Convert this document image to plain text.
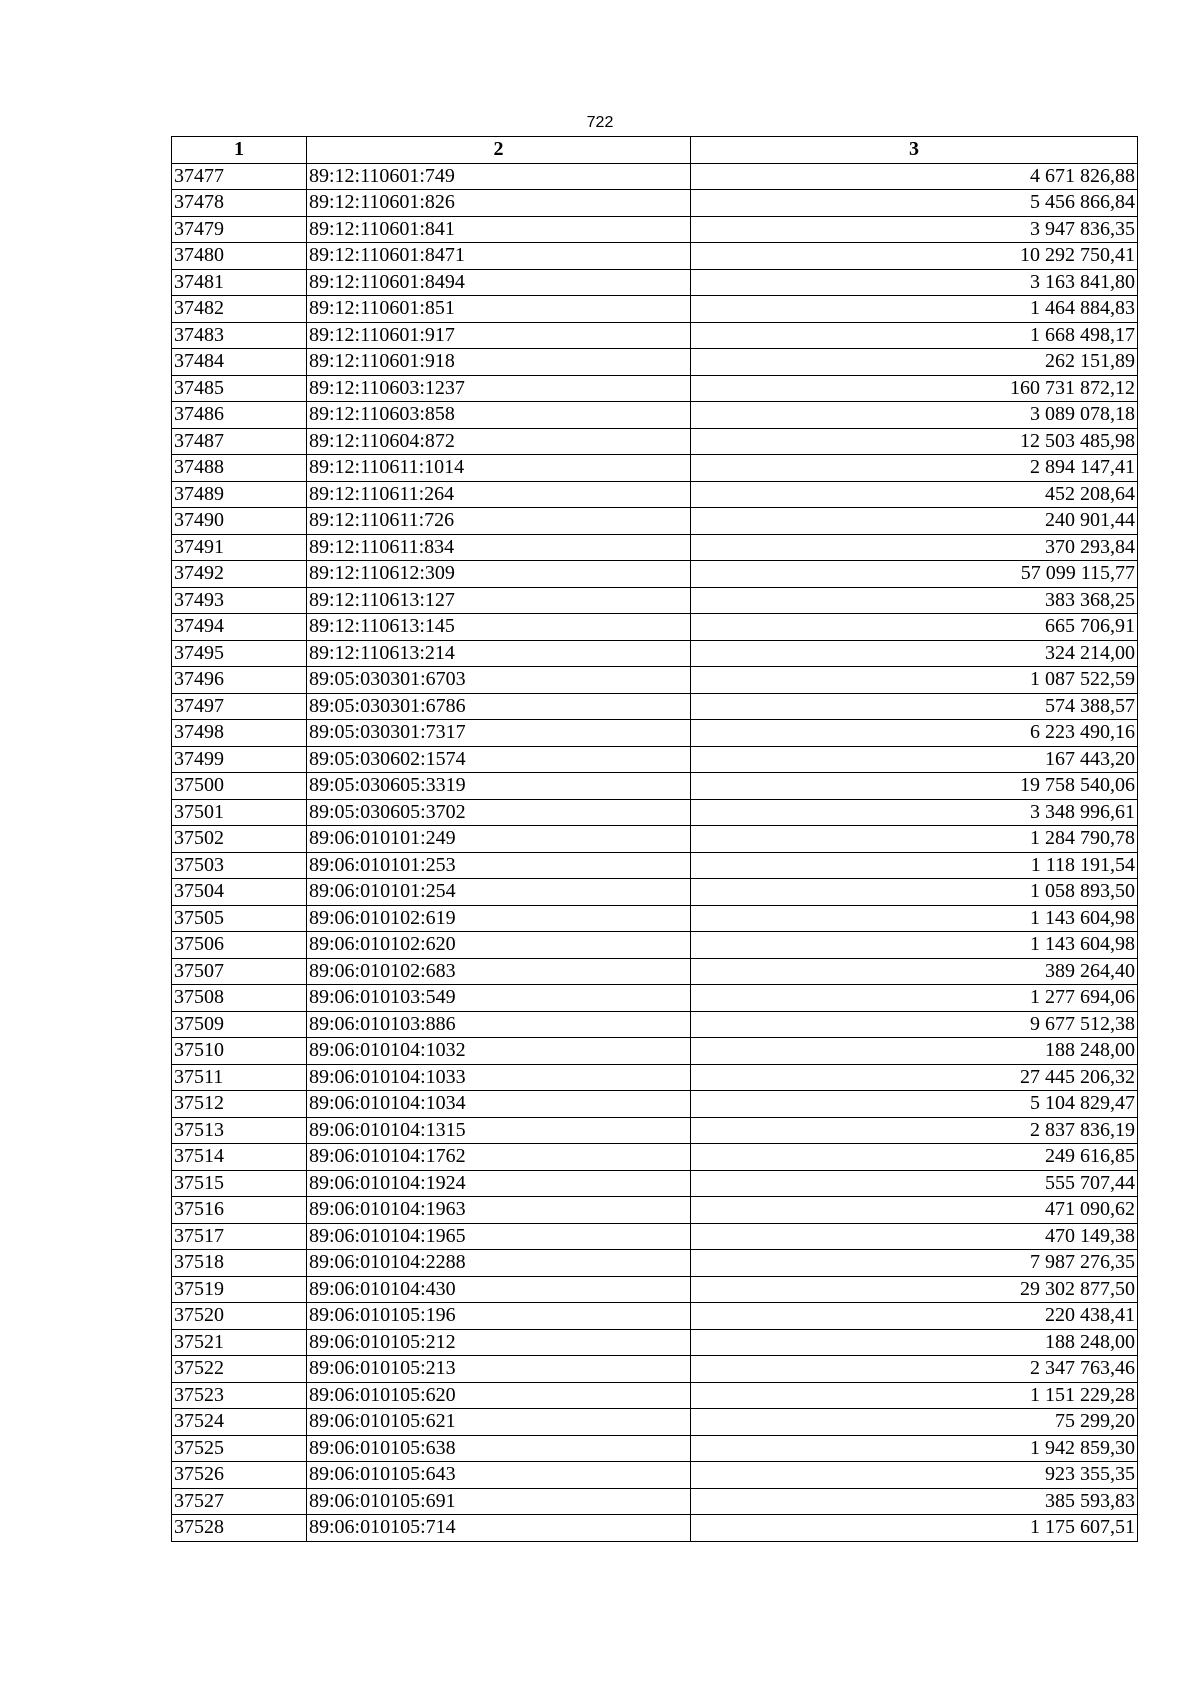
722
1	2	3
37477	89:12:110601:749	4 671 826,88
37478	89:12:110601:826	5 456 866,84
37479	89:12:110601:841	3 947 836,35
37480	89:12:110601:8471	10 292 750,41
37481	89:12:110601:8494	3 163 841,80
37482	89:12:110601:851	1 464 884,83
37483	89:12:110601:917	1 668 498,17
37484	89:12:110601:918	262 151,89
37485	89:12:110603:1237	160 731 872,12
37486	89:12:110603:858	3 089 078,18
37487	89:12:110604:872	12 503 485,98
37488	89:12:110611:1014	2 894 147,41
37489	89:12:110611:264	452 208,64
37490	89:12:110611:726	240 901,44
37491	89:12:110611:834	370 293,84
37492	89:12:110612:309	57 099 115,77
37493	89:12:110613:127	383 368,25
37494	89:12:110613:145	665 706,91
37495	89:12:110613:214	324 214,00
37496	89:05:030301:6703	1 087 522,59
37497	89:05:030301:6786	574 388,57
37498	89:05:030301:7317	6 223 490,16
37499	89:05:030602:1574	167 443,20
37500	89:05:030605:3319	19 758 540,06
37501	89:05:030605:3702	3 348 996,61
37502	89:06:010101:249	1 284 790,78
37503	89:06:010101:253	1 118 191,54
37504	89:06:010101:254	1 058 893,50
37505	89:06:010102:619	1 143 604,98
37506	89:06:010102:620	1 143 604,98
37507	89:06:010102:683	389 264,40
37508	89:06:010103:549	1 277 694,06
37509	89:06:010103:886	9 677 512,38
37510	89:06:010104:1032	188 248,00
37511	89:06:010104:1033	27 445 206,32
37512	89:06:010104:1034	5 104 829,47
37513	89:06:010104:1315	2 837 836,19
37514	89:06:010104:1762	249 616,85
37515	89:06:010104:1924	555 707,44
37516	89:06:010104:1963	471 090,62
37517	89:06:010104:1965	470 149,38
37518	89:06:010104:2288	7 987 276,35
37519	89:06:010104:430	29 302 877,50
37520	89:06:010105:196	220 438,41
37521	89:06:010105:212	188 248,00
37522	89:06:010105:213	2 347 763,46
37523	89:06:010105:620	1 151 229,28
37524	89:06:010105:621	75 299,20
37525	89:06:010105:638	1 942 859,30
37526	89:06:010105:643	923 355,35
37527	89:06:010105:691	385 593,83
37528	89:06:010105:714	1 175 607,51
